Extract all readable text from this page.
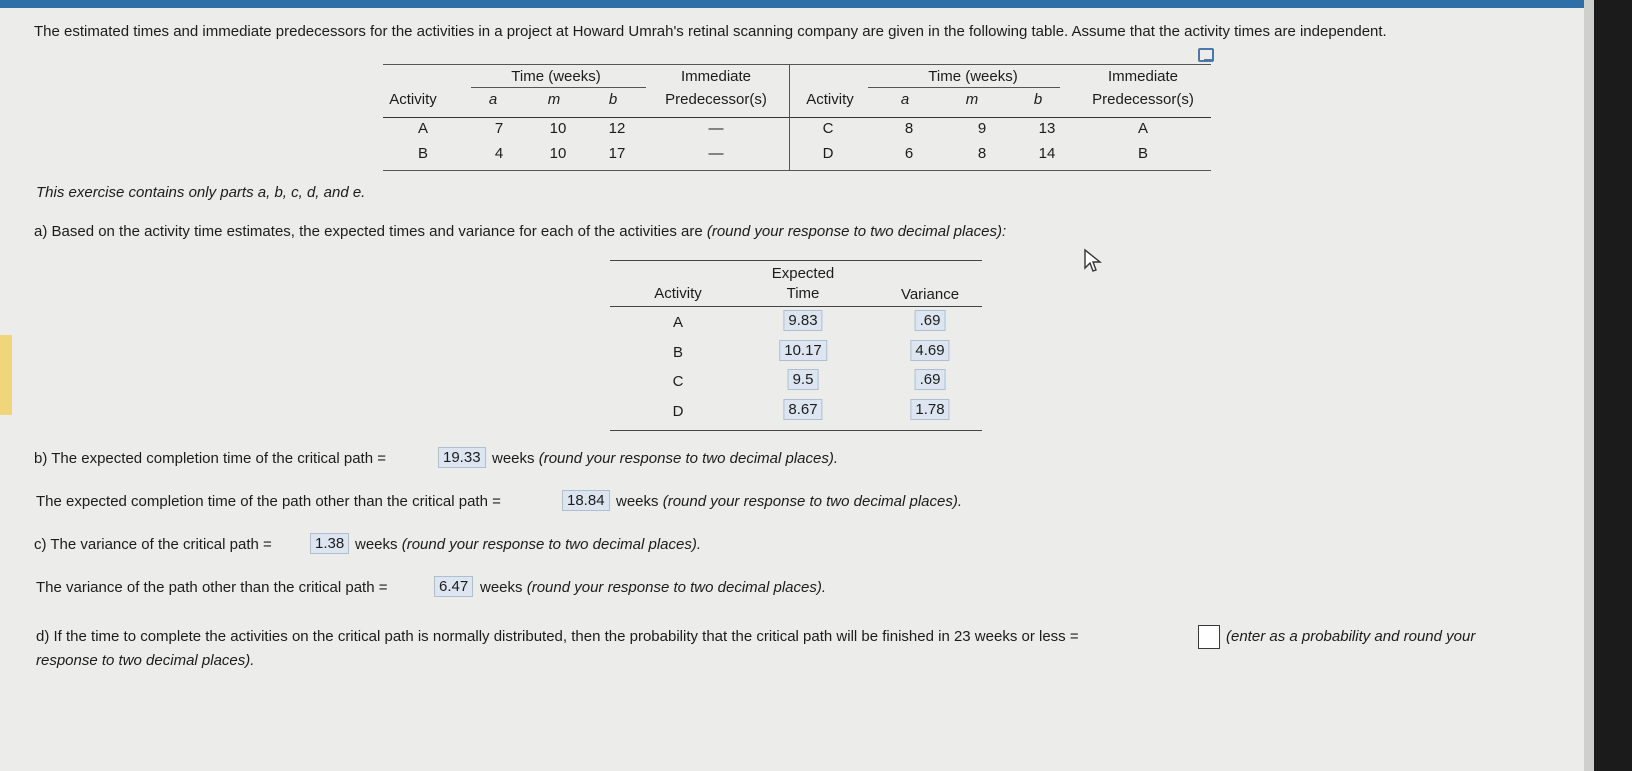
The estimated times and immediate predecessors for the activities in a project at Howard Umrah's retinal scanning company are given in the following table. Assume that the activity times are independent.
Time (weeks)	Immediate
Activity	a	m	b	Predecessor(s)
Time (weeks)	Immediate
Activity	a	m	b	Predecessor(s)
A	7	10	12	—	C	8	9	13	A
B	4	10	17	—	D	6	8	14	B
This exercise contains only parts a, b, c, d, and e.
a) Based on the activity time estimates, the expected times and variance for each of the activities are (round your response to two decimal places):
Activity
Expected
Time	Variance
A	9.83	.69
B	10.17	4.69
C	9.5	.69
D	8.67	1.78
b) The expected completion time of the critical path =	19.33 weeks (round your response to two decimal places).
The expected completion time of the path other than the critical path =	18.84 weeks (round your response to two decimal places).
c) The variance of the critical path =	1.38 weeks (round your response to two decimal places).
The variance of the path other than the critical path =	6.47 weeks (round your response to two decimal places).
d) If the time to complete the activities on the critical path is normally distributed, then the probability that the critical path will be finished in 23 weeks or less =	(enter as a probability and round your
response to two decimal places).
